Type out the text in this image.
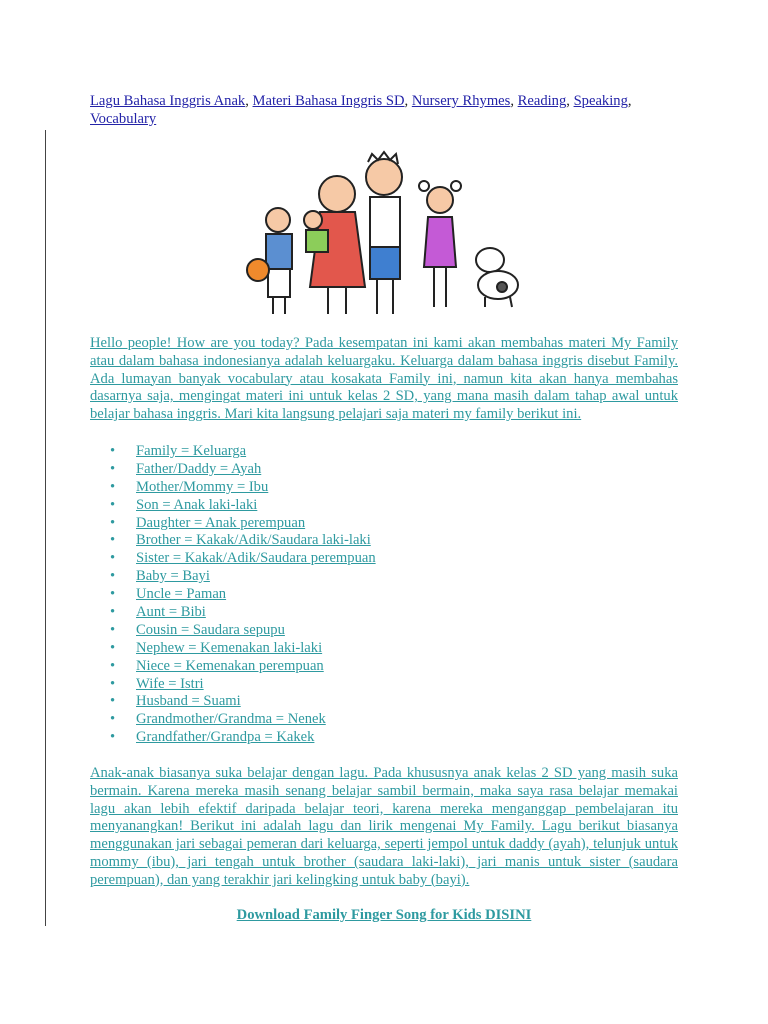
Lagu Bahasa Inggris Anak, Materi Bahasa Inggris SD, Nursery Rhymes, Reading, Speaking,
Vocabulary
Hello people! How are you today? Pada kesempatan ini kami akan membahas materi My Family atau dalam bahasa indonesianya adalah keluargaku. Keluarga dalam bahasa inggris disebut Family. Ada lumayan banyak vocabulary atau kosakata Family ini, namun kita akan hanya membahas dasarnya saja, mengingat materi ini untuk kelas 2 SD, yang mana masih dalam tahap awal untuk belajar bahasa inggris. Mari kita langsung pelajari saja materi my family berikut ini.
• Family = Keluarga
• Father/Daddy = Ayah
• Mother/Mommy = Ibu
• Son = Anak laki-laki
• Daughter = Anak perempuan
• Brother = Kakak/Adik/Saudara laki-laki
• Sister = Kakak/Adik/Saudara perempuan
• Baby = Bayi
• Uncle = Paman
• Aunt = Bibi
• Cousin = Saudara sepupu
• Nephew = Kemenakan laki-laki
• Niece = Kemenakan perempuan
• Wife = Istri
• Husband = Suami
• Grandmother/Grandma = Nenek
• Grandfather/Grandpa = Kakek
Anak-anak biasanya suka belajar dengan lagu. Pada khususnya anak kelas 2 SD yang masih suka bermain. Karena mereka masih senang belajar sambil bermain, maka saya rasa belajar memakai lagu akan lebih efektif daripada belajar teori, karena mereka menganggap pembelajaran itu menyanangkan! Berikut ini adalah lagu dan lirik mengenai My Family. Lagu berikut biasanya menggunakan jari sebagai pemeran dari keluarga, seperti jempol untuk daddy (ayah), telunjuk untuk mommy (ibu), jari tengah untuk brother (saudara laki-laki), jari manis untuk sister (saudara perempuan), dan yang terakhir jari kelingking untuk baby (bayi).
Download Family Finger Song for Kids DISINI
